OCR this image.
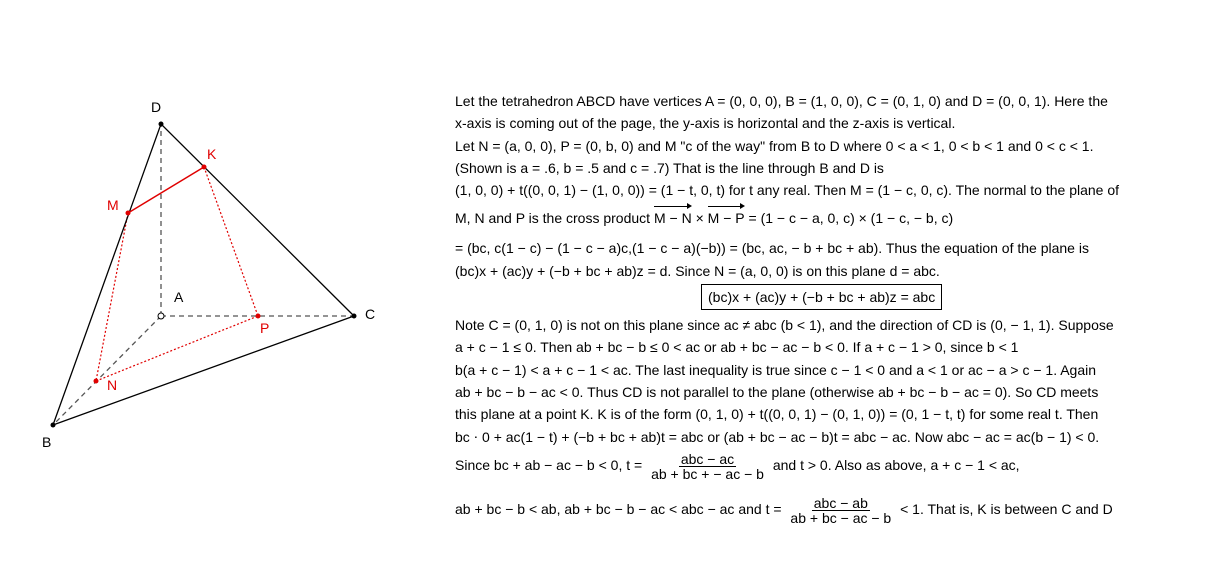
D
K
M
A
C
P
N
B
Let the tetrahedron ABCD have vertices A = (0, 0, 0), B = (1, 0, 0), C = (0, 1, 0) and D = (0, 0, 1). Here the
x-axis is coming out of the page, the y-axis is horizontal and the z-axis is vertical.
Let N = (a, 0, 0), P = (0, b, 0) and M "c of the way" from B to D where 0 < a < 1, 0 < b < 1 and 0 < c < 1.
(Shown is a = .6, b = .5 and c = .7) That is the line through B and D is
(1, 0, 0) + t((0, 0, 1) − (1, 0, 0)) = (1 − t, 0, t) for t any real. Then M = (1 − c, 0, c). The normal to the plane of
M, N and P is the cross product M − N × M − P = (1 − c − a, 0, c) × (1 − c, − b, c)
= (bc, c(1 − c) − (1 − c − a)c,(1 − c − a)(−b)) = (bc, ac, − b + bc + ab). Thus the equation of the plane is
(bc)x + (ac)y + (−b + bc + ab)z = d. Since N = (a, 0, 0) is on this plane d = abc.
(bc)x + (ac)y + (−b + bc + ab)z = abc
Note C = (0, 1, 0) is not on this plane since ac ≠ abc (b < 1), and the direction of CD is (0, − 1, 1). Suppose
a + c − 1 ≤ 0. Then ab + bc − b ≤ 0 < ac or ab + bc − ac − b < 0. If a + c − 1 > 0, since b < 1
b(a + c − 1) < a + c − 1 < ac. The last inequality is true since c − 1 < 0 and a < 1 or ac − a > c − 1. Again
ab + bc − b − ac < 0. Thus CD is not parallel to the plane (otherwise ab + bc − b − ac = 0). So CD meets
this plane at a point K. K is of the form (0, 1, 0) + t((0, 0, 1) − (0, 1, 0)) = (0, 1 − t, t) for some real t. Then
bc ⋅ 0 + ac(1 − t) + (−b + bc + ab)t = abc or (ab + bc − ac − b)t = abc − ac. Now abc − ac = ac(b − 1) < 0.
Since bc + ab − ac − b < 0, $t = \frac{\text{abc − ac}}{ab + bc + - ac - b}$ and t > 0. Also as above, a + c − 1 < ac,
ab + bc − b < ab, ab + bc − b − ac < abc − ac and $t = \frac{\text{abc − ab}}{ab + bc - ac - b} < 1$. That is, K is between C and D
